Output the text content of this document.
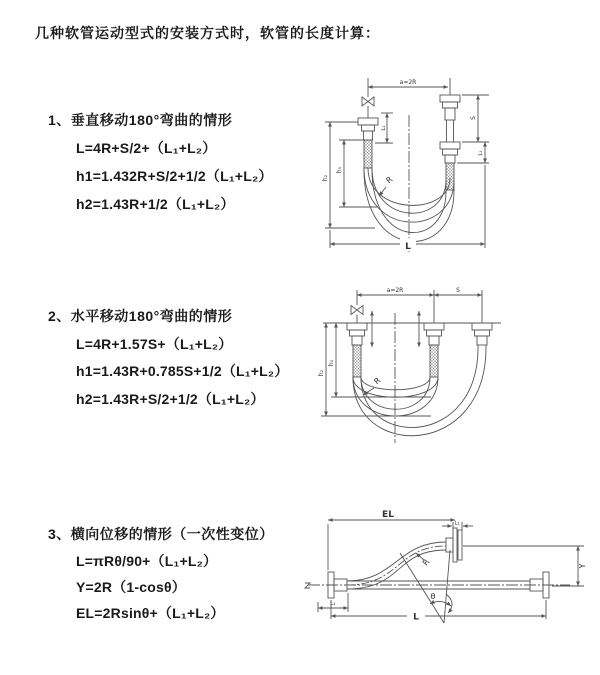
几种软管运动型式的安装方式时，软管的长度计算：
1、垂直移动180°弯曲的情形
L=4R+S/2+（L₁+L₂）
h1=1.432R+S/2+1/2（L₁+L₂）
h2=1.43R+1/2（L₁+L₂）
2、水平移动180°弯曲的情形
L=4R+1.57S+（L₁+L₂）
h1=1.43R+0.785S+1/2（L₁+L₂）
h2=1.43R+S/2+1/2（L₁+L₂）
3、横向位移的情形（一次性变位）
L=πRθ/90+（L₁+L₂）
Y=2R（1-cosθ）
EL=2Rsinθ+（L₁+L₂）
a=2R
L₁
S
L₁
h₂
h₁
R
L
a=2R	S
h₂
h₁
R
EL
L₁
Y
R
θ
L
L₁
